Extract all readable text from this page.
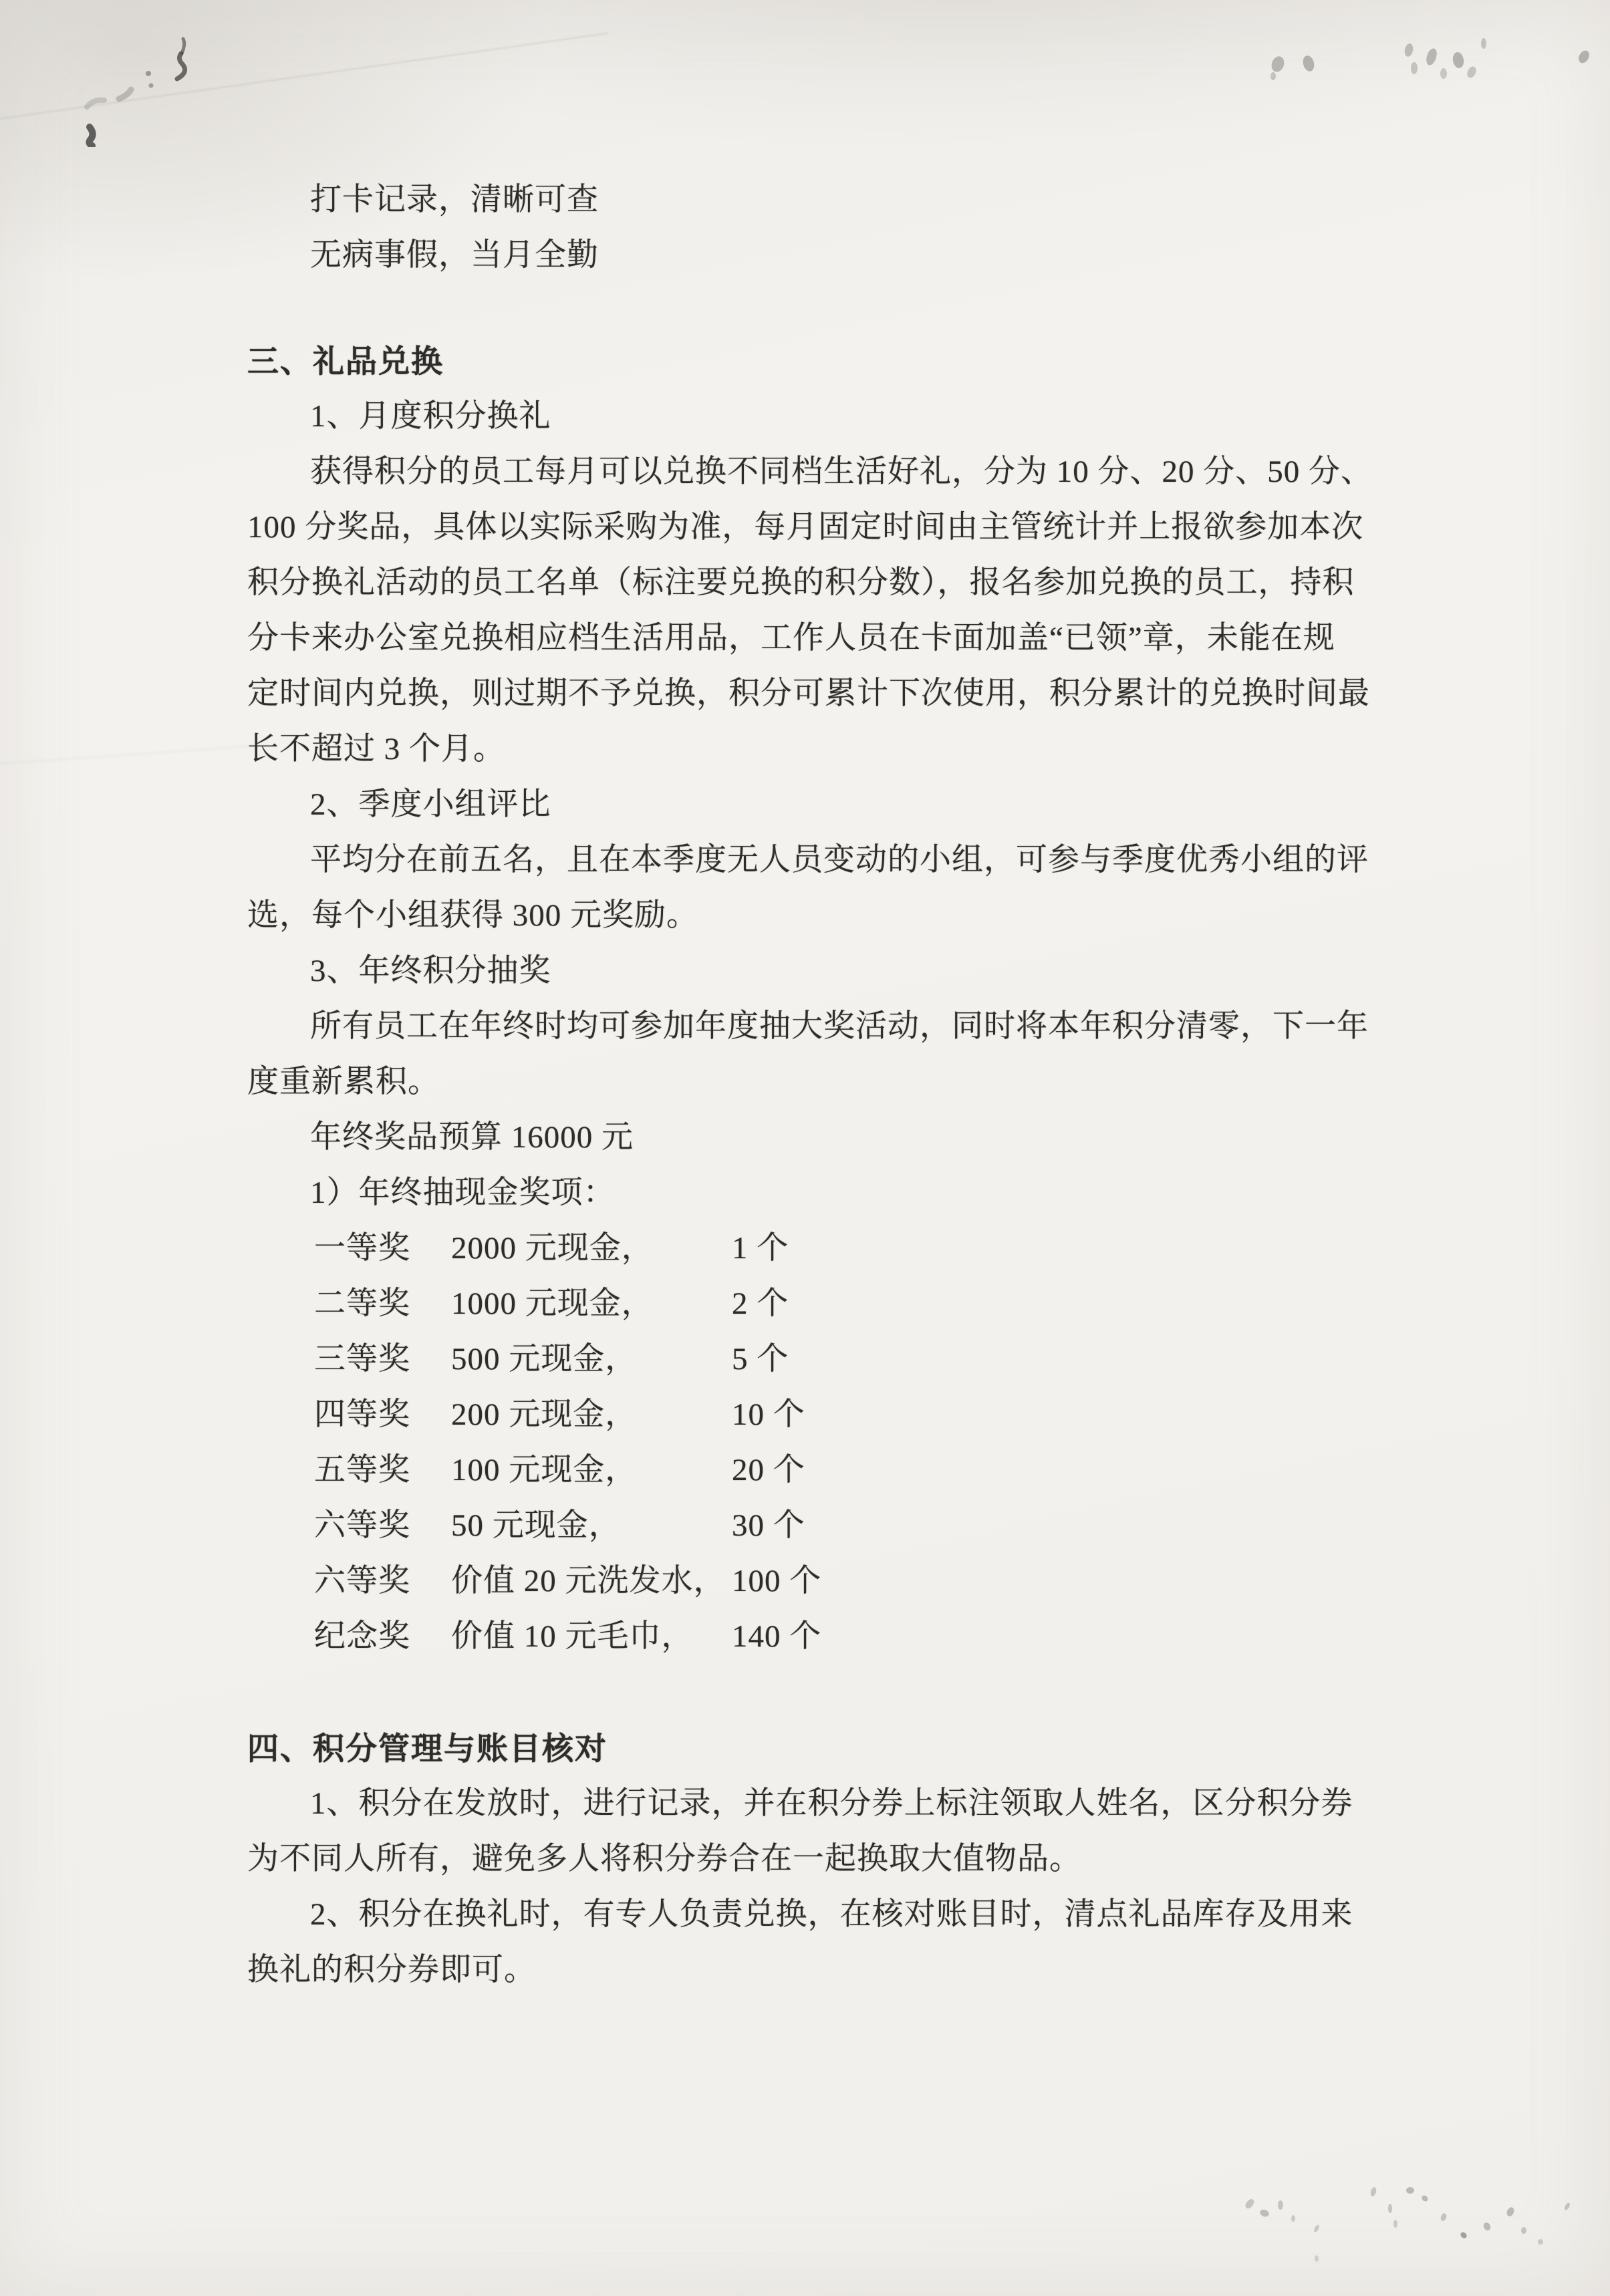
打卡记录，清晰可查
无病事假，当月全勤
三、礼品兑换
1、月度积分换礼
获得积分的员工每月可以兑换不同档生活好礼，分为 10 分、20 分、50 分、
100 分奖品，具体以实际采购为准，每月固定时间由主管统计并上报欲参加本次
积分换礼活动的员工名单（标注要兑换的积分数），报名参加兑换的员工，持积
分卡来办公室兑换相应档生活用品，工作人员在卡面加盖“已领”章，未能在规
定时间内兑换，则过期不予兑换，积分可累计下次使用，积分累计的兑换时间最
长不超过 3 个月。
2、季度小组评比
平均分在前五名，且在本季度无人员变动的小组，可参与季度优秀小组的评
选，每个小组获得 300 元奖励。
3、年终积分抽奖
所有员工在年终时均可参加年度抽大奖活动，同时将本年积分清零，下一年
度重新累积。
年终奖品预算 16000 元
1）年终抽现金奖项：
一等奖	2000 元现金，	1 个
二等奖	1000 元现金，	2 个
三等奖	500 元现金，	5 个
四等奖	200 元现金，	10 个
五等奖	100 元现金，	20 个
六等奖	50 元现金，	30 个
六等奖	价值 20 元洗发水， 100 个
纪念奖	价值 10 元毛巾，	140 个
四、积分管理与账目核对
1、积分在发放时，进行记录，并在积分券上标注领取人姓名，区分积分券
为不同人所有，避免多人将积分券合在一起换取大值物品。
2、积分在换礼时，有专人负责兑换，在核对账目时，清点礼品库存及用来
换礼的积分券即可。
